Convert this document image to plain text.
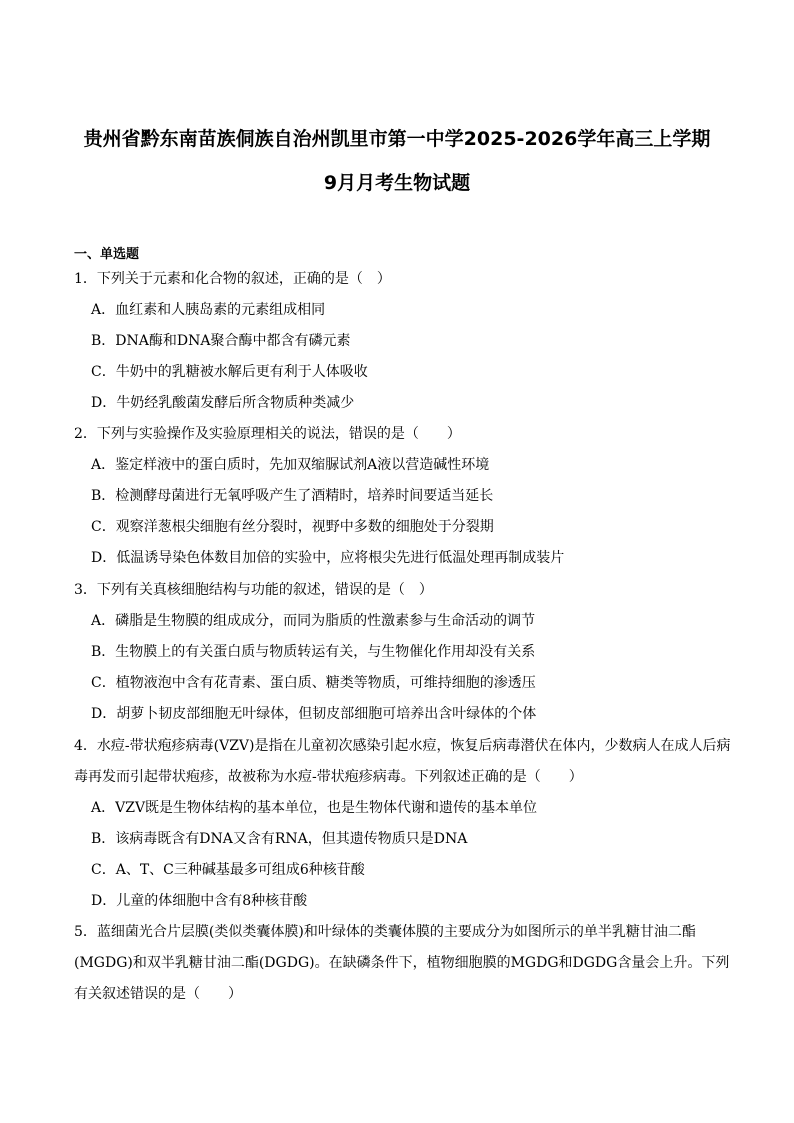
贵州省黔东南苗族侗族自治州凯里市第一中学2025-2026学年高三上学期
9月月考生物试题
一、单选题
1．下列关于元素和化合物的叙述，正确的是（　）
A．血红素和人胰岛素的元素组成相同
B．DNA酶和DNA聚合酶中都含有磷元素
C．牛奶中的乳糖被水解后更有利于人体吸收
D．牛奶经乳酸菌发酵后所含物质种类减少
2．下列与实验操作及实验原理相关的说法，错误的是（　　）
A．鉴定样液中的蛋白质时，先加双缩脲试剂A液以营造碱性环境
B．检测酵母菌进行无氧呼吸产生了酒精时，培养时间要适当延长
C．观察洋葱根尖细胞有丝分裂时，视野中多数的细胞处于分裂期
D．低温诱导染色体数目加倍的实验中，应将根尖先进行低温处理再制成装片
3．下列有关真核细胞结构与功能的叙述，错误的是（　）
A．磷脂是生物膜的组成成分，而同为脂质的性激素参与生命活动的调节
B．生物膜上的有关蛋白质与物质转运有关，与生物催化作用却没有关系
C．植物液泡中含有花青素、蛋白质、糖类等物质，可维持细胞的渗透压
D．胡萝卜韧皮部细胞无叶绿体，但韧皮部细胞可培养出含叶绿体的个体
4．水痘-带状疱疹病毒(VZV)是指在儿童初次感染引起水痘，恢复后病毒潜伏在体内，少数病人在成人后病
毒再发而引起带状疱疹，故被称为水痘-带状疱疹病毒。下列叙述正确的是（　　）
A．VZV既是生物体结构的基本单位，也是生物体代谢和遗传的基本单位
B．该病毒既含有DNA又含有RNA，但其遗传物质只是DNA
C．A、T、C三种碱基最多可组成6种核苷酸
D．儿童的体细胞中含有8种核苷酸
5．蓝细菌光合片层膜(类似类囊体膜)和叶绿体的类囊体膜的主要成分为如图所示的单半乳糖甘油二酯
(MGDG)和双半乳糖甘油二酯(DGDG)。在缺磷条件下，植物细胞膜的MGDG和DGDG含量会上升。下列
有关叙述错误的是（　　）
